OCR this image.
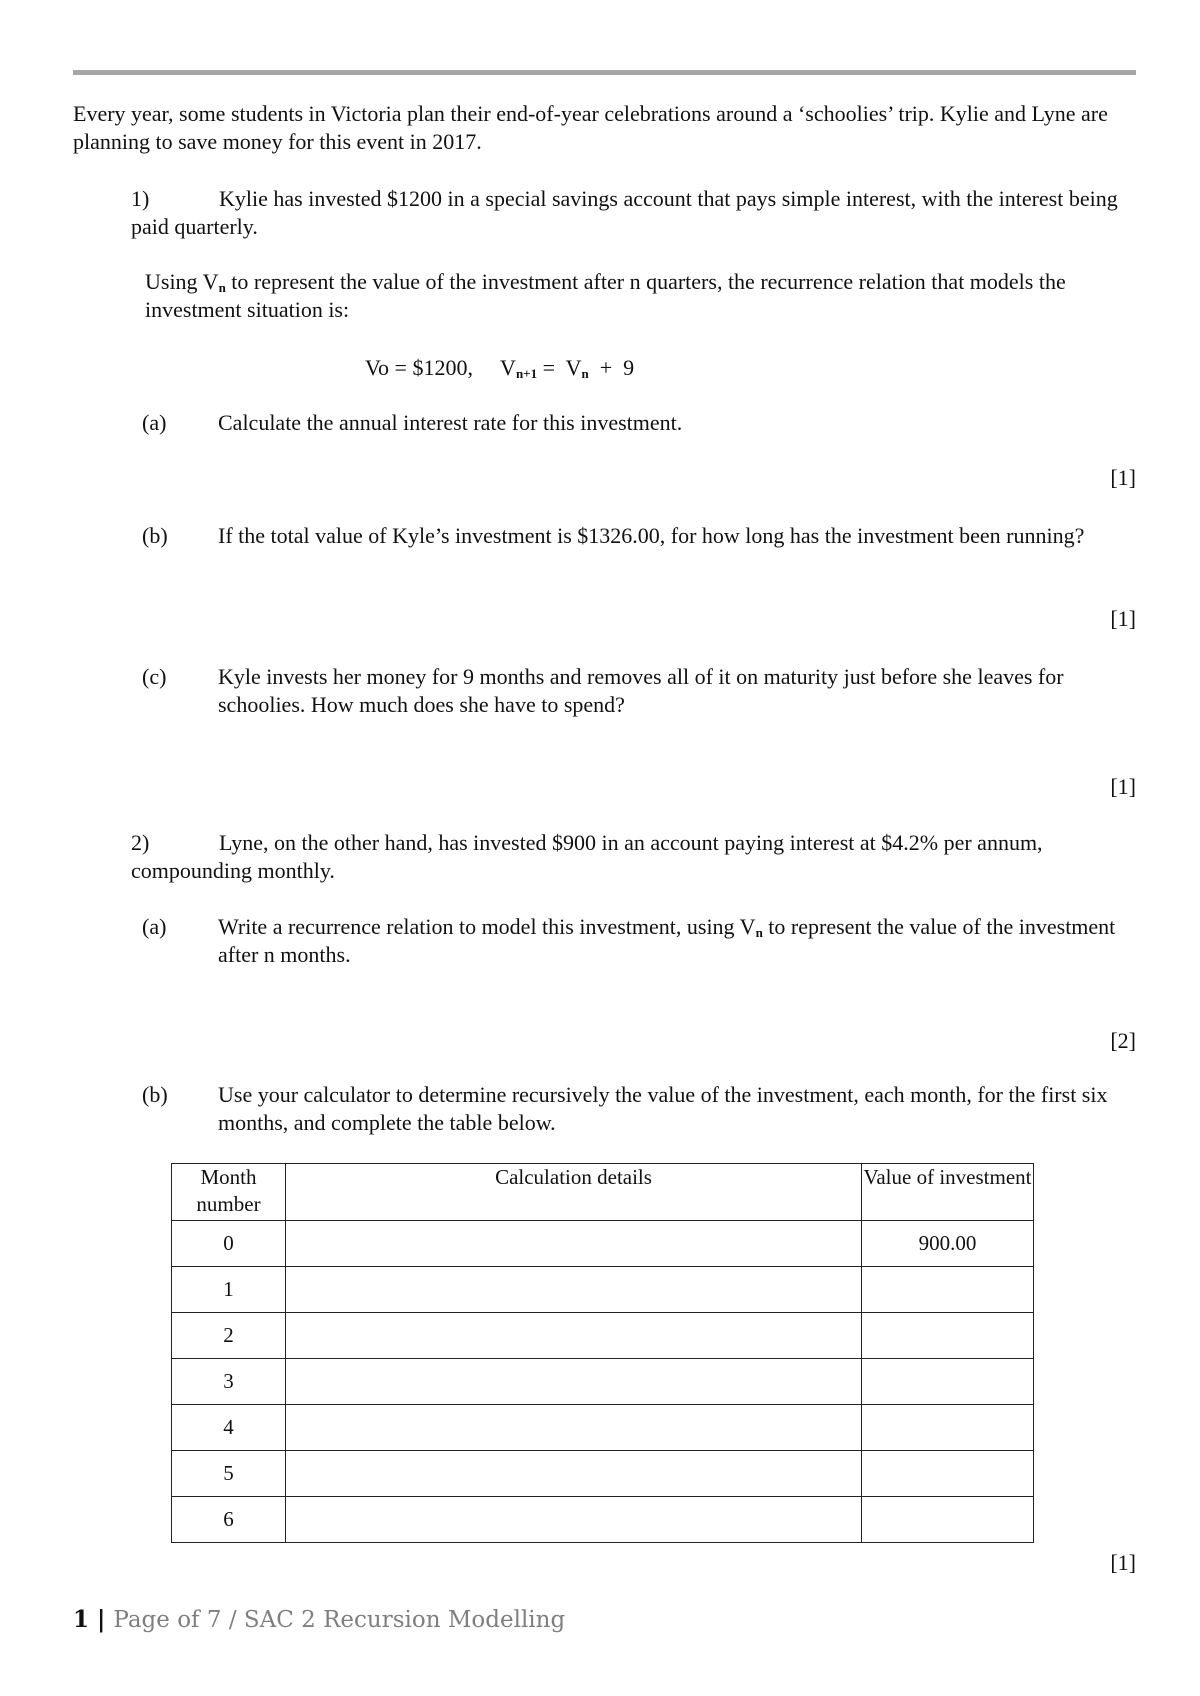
Every year, some students in Victoria plan their end-of-year celebrations around a ‘schoolies’ trip. Kylie and Lyne are planning to save money for this event in 2017.
1)	Kylie has invested $1200 in a special savings account that pays simple interest, with the interest being paid quarterly.
Using $V_n$ to represent the value of the investment after n quarters, the recurrence relation that models the investment situation is:
Vo = $1200,     $V_{n+1} = V_n + 9$
(a) Calculate the annual interest rate for this investment.
[1]
(b) If the total value of Kyle’s investment is $1326.00, for how long has the investment been running?
[1]
(c) Kyle invests her money for 9 months and removes all of it on maturity just before she leaves for schoolies. How much does she have to spend?
[1]
2)	Lyne, on the other hand, has invested $900 in an account paying interest at $4.2% per annum, compounding monthly.
(a) Write a recurrence relation to model this investment, using $V_n$ to represent the value of the investment after n months.
[2]
(b) Use your calculator to determine recursively the value of the investment, each month, for the first six months, and complete the table below.
Month number	Calculation details	Value of investment
0		900.00
1		
2		
3		
4		
5		
6		
[1]
1 | Page of 7 / SAC 2 Recursion Modelling
